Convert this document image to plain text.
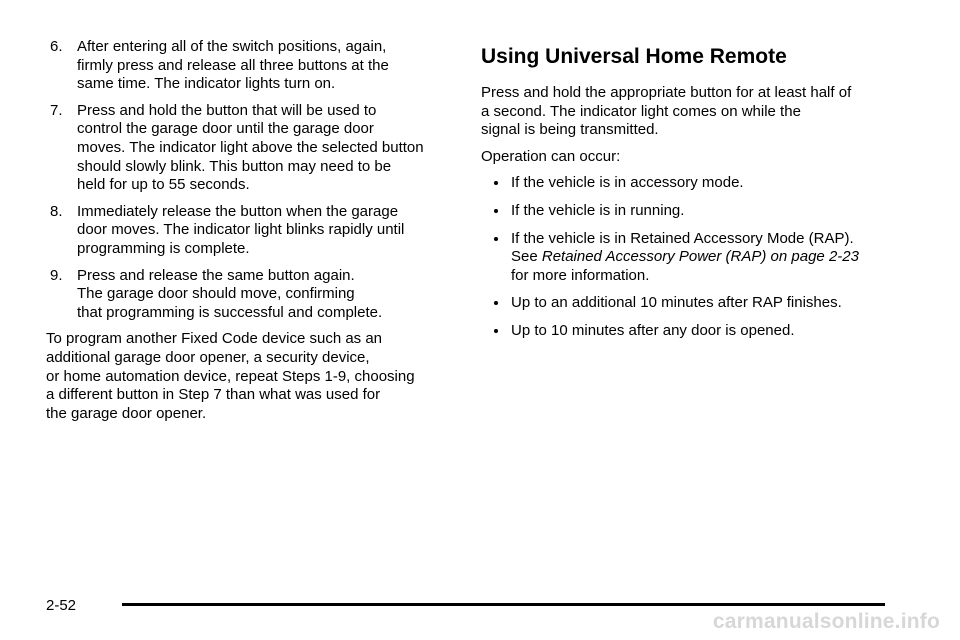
6. After entering all of the switch positions, again,
firmly press and release all three buttons at the
same time. The indicator lights turn on.
7. Press and hold the button that will be used to
control the garage door until the garage door
moves. The indicator light above the selected button
should slowly blink. This button may need to be
held for up to 55 seconds.
8. Immediately release the button when the garage
door moves. The indicator light blinks rapidly until
programming is complete.
9. Press and release the same button again.
The garage door should move, confirming
that programming is successful and complete.

To program another Fixed Code device such as an
additional garage door opener, a security device,
or home automation device, repeat Steps 1-9, choosing
a different button in Step 7 than what was used for
the garage door opener.

Using Universal Home Remote

Press and hold the appropriate button for at least half of
a second. The indicator light comes on while the
signal is being transmitted.

Operation can occur:

If the vehicle is in accessory mode.
If the vehicle is in running.
If the vehicle is in Retained Accessory Mode (RAP).
See Retained Accessory Power (RAP) on page 2-23
for more information.
Up to an additional 10 minutes after RAP finishes.
Up to 10 minutes after any door is opened.
2-52
carmanualsonline.info
